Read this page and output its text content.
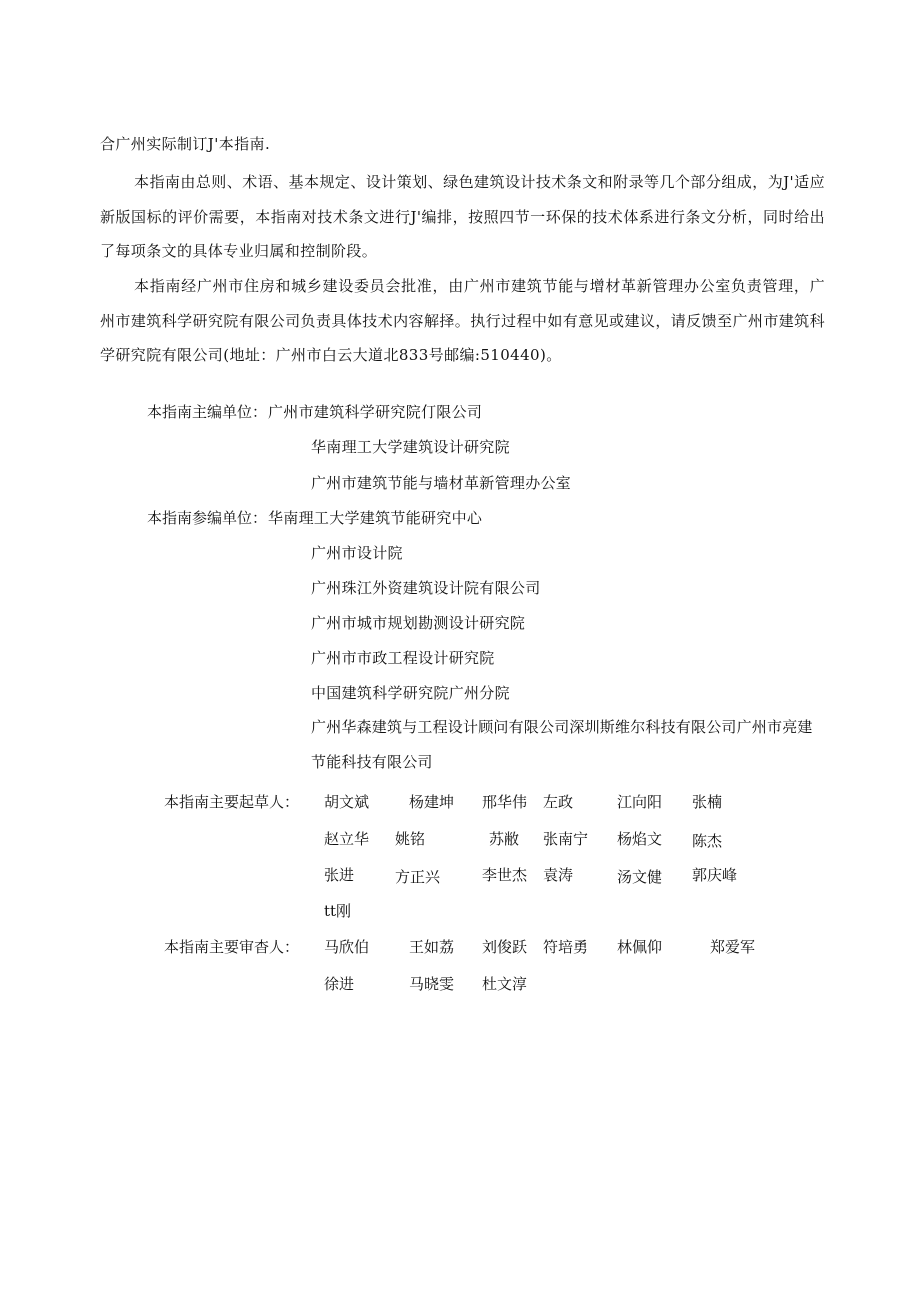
合广州实际制订J'本指南.

本指南由总则、术语、基本规定、设计策划、绿色建筑设计技术条文和附录等几个部分组成，为J'适应新版国标的评价需要，本指南对技术条文进行J'编排，按照四节一环保的技术体系进行条文分析，同时给出了每项条文的具体专业归属和控制阶段。

本指南经广州市住房和城乡建设委员会批准，由广州市建筑节能与增材革新管理办公室负责管理，广州市建筑科学研究院有限公司负责具体技术内容解择。执行过程中如有意见或建议，请反馈至广州市建筑科学研究院有限公司(地址：广州市白云大道北833号邮编:510440)。

本指南主编单位： 广州市建筑科学研究院仃限公司
华南理工大学建筑设计研究院
广州市建筑节能与墙材革新管理办公室
本指南参编单位： 华南理工大学建筑节能研究中心
广州市设计院
广州珠江外资建筑设计院有限公司
广州市城市规划勘测设计研究院
广州市市政工程设计研究院
中国建筑科学研究院广州分院
广州华森建筑与工程设计顾问有限公司深圳斯维尔科技有限公司广州市亮建节能科技有限公司
本指南主要起草人： 胡文斌	杨建坤 邢华伟 左政	江向阳 张楠
赵立华 姚铭	苏敝 张南宁 杨焰文 陈杰
张进	方正兴	李世杰 袁涛	汤文健 郭庆峰
tt刚
本指南主要审杳人： 马欣伯	王如荔 刘俊跃 符培勇 林佩仰	郑爱军
徐进	马晓雯 杜文淳
